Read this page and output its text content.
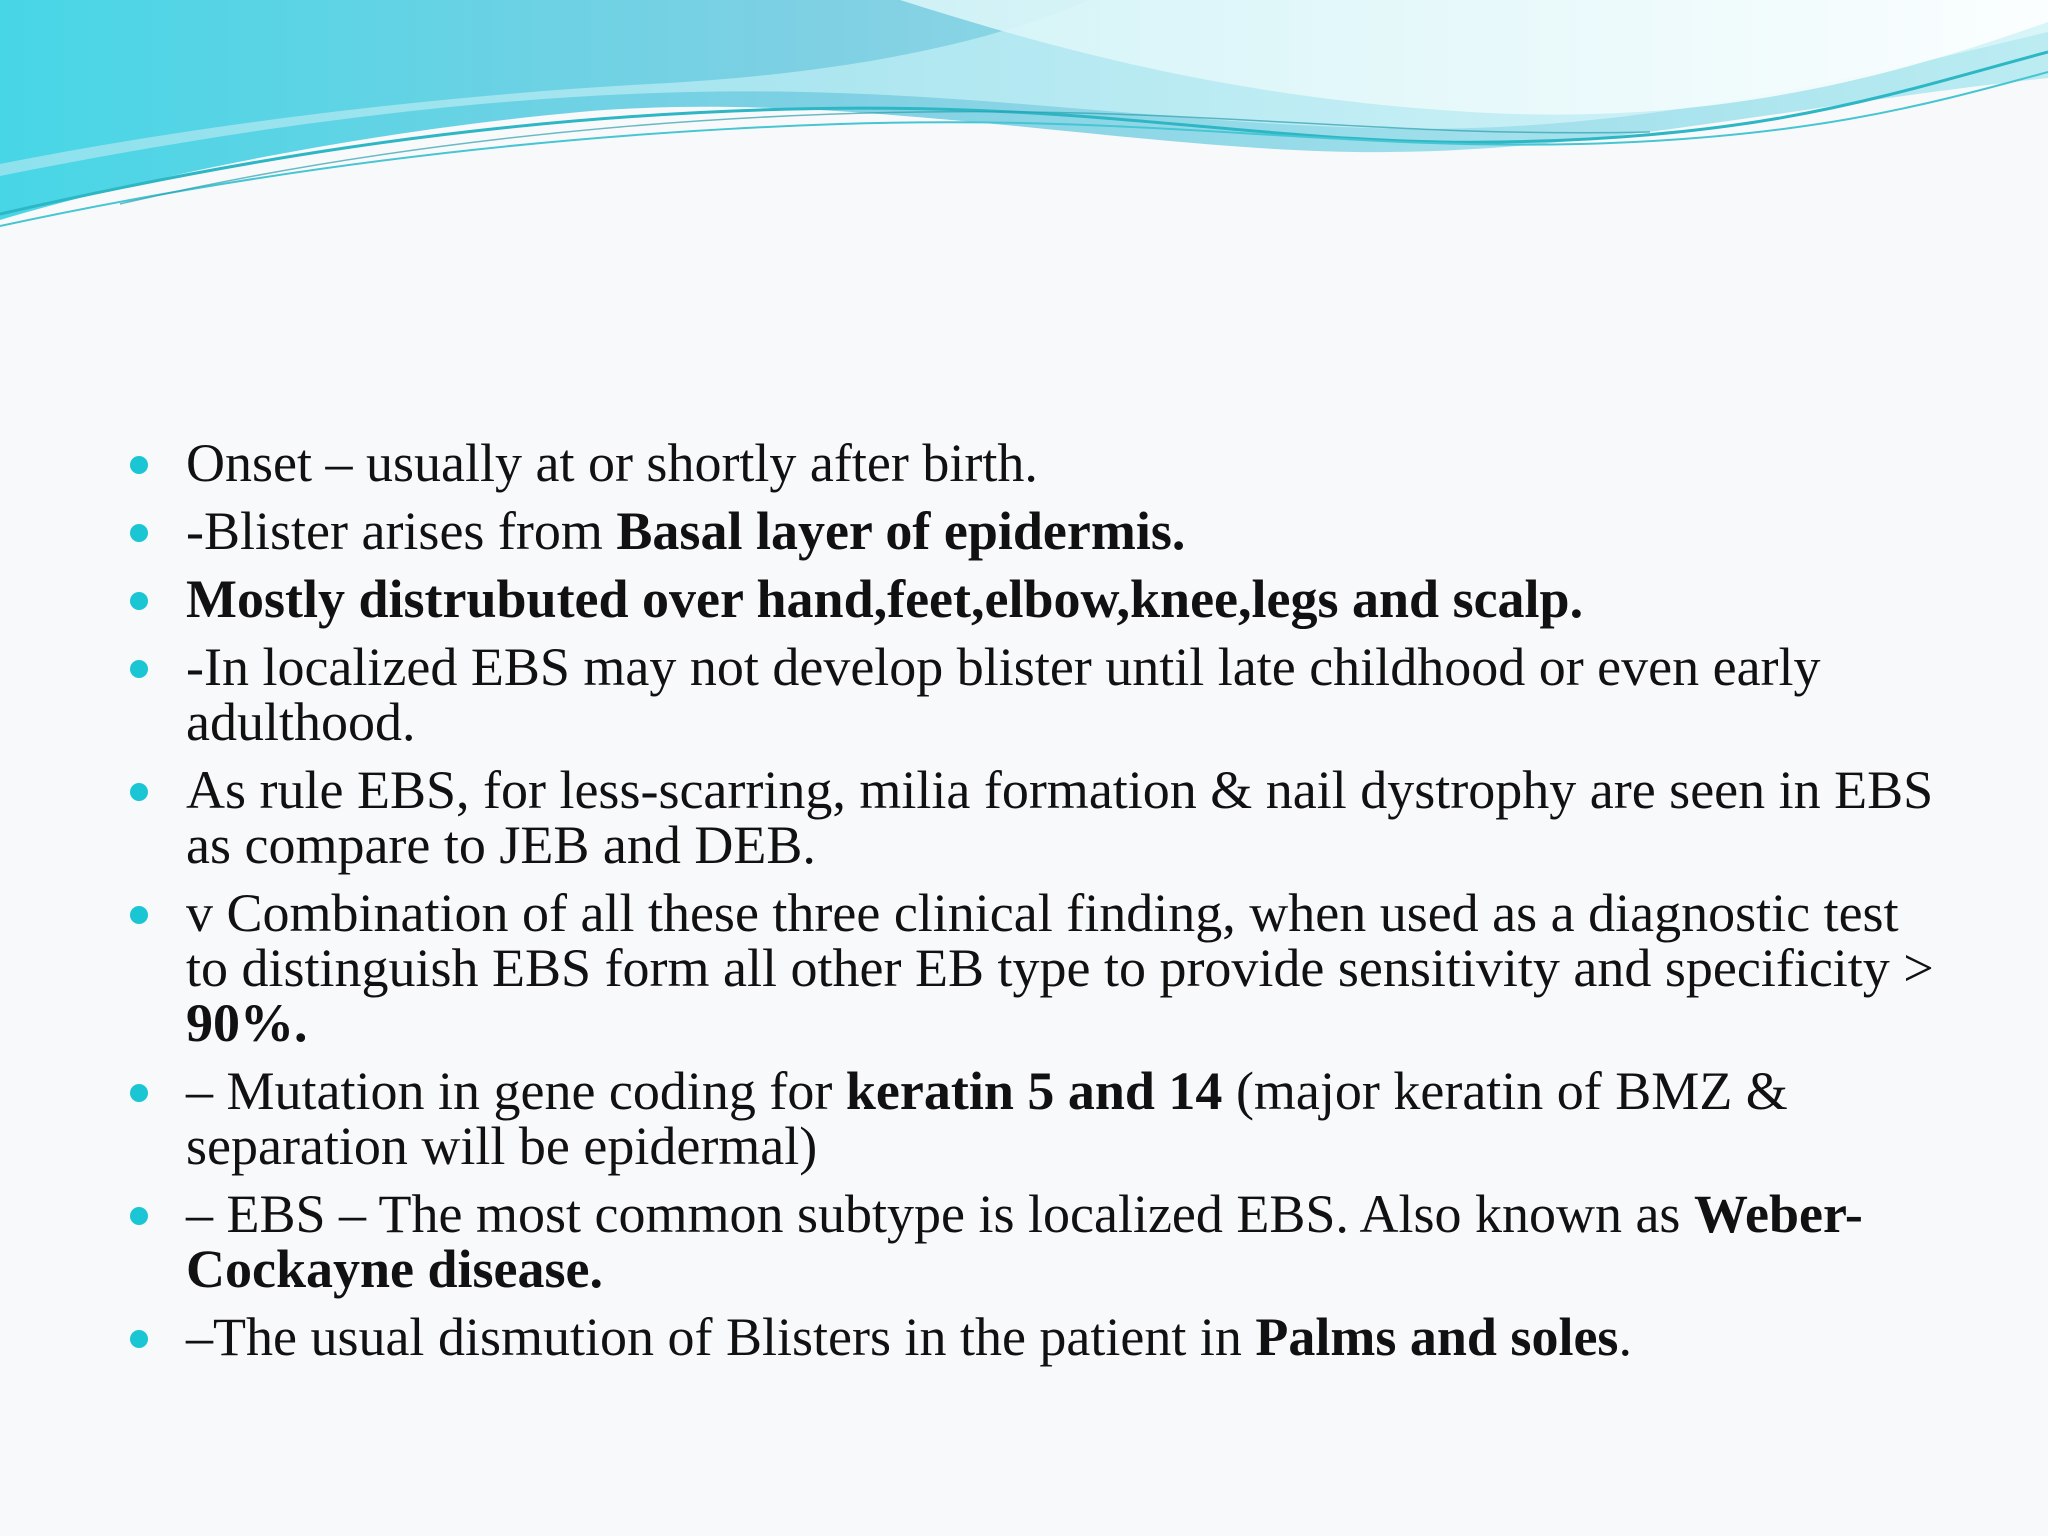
Onset – usually at or shortly after birth.
-Blister arises from Basal layer of epidermis.
Mostly distrubuted over hand,feet,elbow,knee,legs and scalp.
-In localized EBS may not develop blister until late childhood or even early adulthood.
As rule EBS, for less-scarring, milia formation & nail dystrophy are seen in EBS as compare to JEB and DEB.
v Combination of all these three clinical finding, when used as a diagnostic test to distinguish EBS form all other EB type to provide sensitivity and specificity > 90%.
– Mutation in gene coding for keratin 5 and 14 (major keratin of BMZ & separation will be epidermal)
– EBS – The most common subtype is localized EBS. Also known as Weber-Cockayne disease.
–The usual dismution of Blisters in the patient in Palms and soles.
